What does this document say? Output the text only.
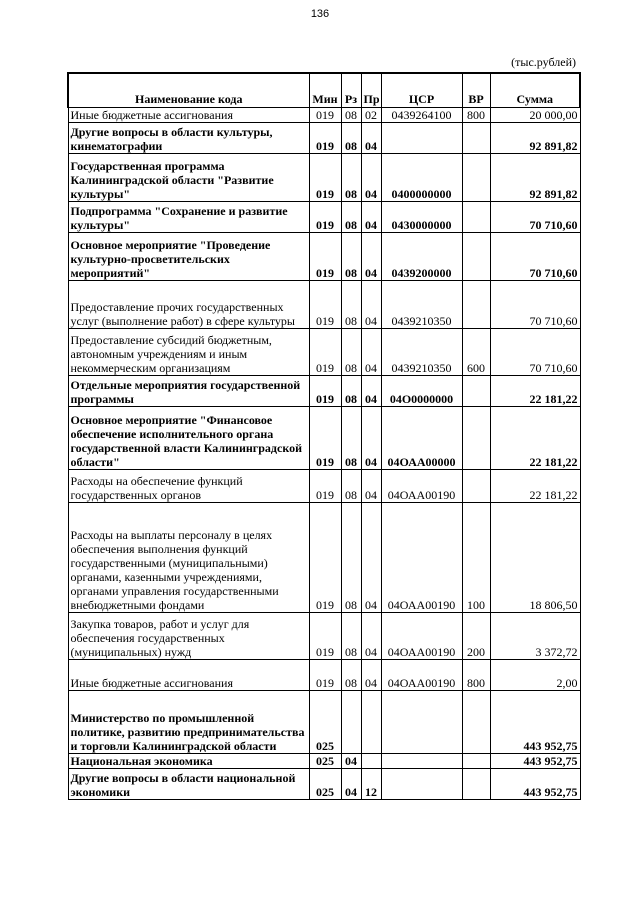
136
(тыс.рублей)
Наименование кода	Мин	Рз	Пр	ЦСР	ВР	Сумма
Иные бюджетные ассигнования	019	08	02	0439264100	800	20 000,00
Другие вопросы в области культуры, кинематографии	019	08	04			92 891,82
Государственная программа Калининградской области "Развитие культуры"	019	08	04	0400000000		92 891,82
Подпрограмма "Сохранение и развитие культуры"	019	08	04	0430000000		70 710,60
Основное мероприятие "Проведение культурно-просветительских мероприятий"	019	08	04	0439200000		70 710,60
Предоставление прочих государственных услуг (выполнение работ) в сфере культуры	019	08	04	0439210350		70 710,60
Предоставление субсидий бюджетным, автономным учреждениям и иным некоммерческим организациям	019	08	04	0439210350	600	70 710,60
Отдельные мероприятия государственной программы	019	08	04	04О0000000		22 181,22
Основное мероприятие "Финансовое обеспечение исполнительного органа государственной власти Калининградской области"	019	08	04	04ОАА00000		22 181,22
Расходы на обеспечение функций государственных органов	019	08	04	04ОАА00190		22 181,22
Расходы на выплаты персоналу в целях обеспечения выполнения функций государственными (муниципальными) органами, казенными учреждениями, органами управления государственными внебюджетными фондами	019	08	04	04ОАА00190	100	18 806,50
Закупка товаров, работ и услуг для обеспечения государственных (муниципальных) нужд	019	08	04	04ОАА00190	200	3 372,72
Иные бюджетные ассигнования	019	08	04	04ОАА00190	800	2,00
Министерство по промышленной политике, развитию предпринимательства и торговли Калининградской области	025					443 952,75
Национальная экономика	025	04				443 952,75
Другие вопросы в области национальной экономики	025	04	12			443 952,75
